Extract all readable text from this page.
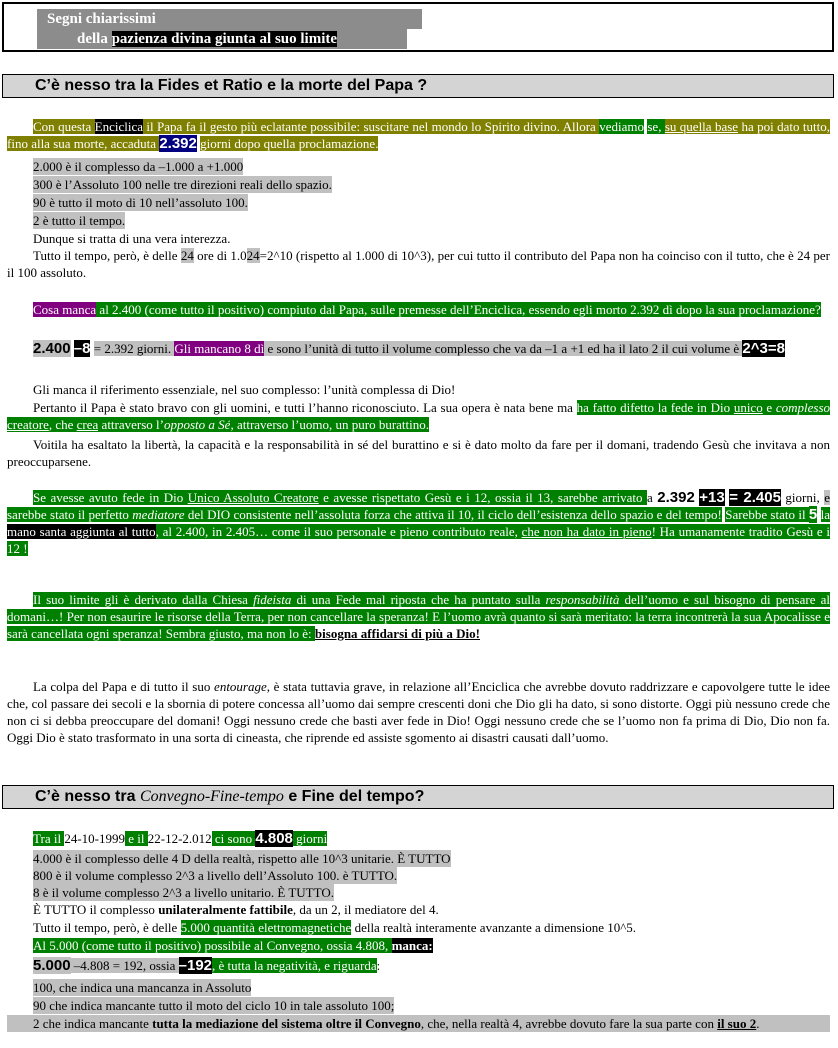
Segni chiarissimi
della pazienza divina giunta al suo limite
C’è nesso tra la Fides et Ratio e la morte del Papa ?
Con questa Enciclica il Papa fa il gesto più eclatante possibile: suscitare nel mondo lo Spirito divino. Allora vediamo se, su quella base ha poi dato tutto, fino alla sua morte, accaduta 2.392 giorni dopo quella proclamazione.
2.000 è il complesso da –1.000 a +1.000
300 è l’Assoluto 100 nelle tre direzioni reali dello spazio.
90 è tutto il moto di 10 nell’assoluto 100.
2 è tutto il tempo.
Dunque si tratta di una vera interezza.
Tutto il tempo, però, è delle 24 ore di 1.024=2^10 (rispetto al 1.000 di 10^3), per cui tutto il contributo del Papa non ha coinciso con il tutto, che è 24 per il 100 assoluto.
Cosa manca al 2.400 (come tutto il positivo) compiuto dal Papa, sulle premesse dell’Enciclica, essendo egli morto 2.392 dì dopo la sua proclamazione?
2.400 –8 = 2.392 giorni. Gli mancano 8 dì e sono l’unità di tutto il volume complesso che va da –1 a +1 ed ha il lato 2 il cui volume è 2^3=8
Gli manca il riferimento essenziale, nel suo complesso: l’unità complessa di Dio!
Pertanto il Papa è stato bravo con gli uomini, e tutti l’hanno riconosciuto. La sua opera è nata bene ma ha fatto difetto la fede in Dio unico e complesso creatore, che crea attraverso l’opposto a Sé, attraverso l’uomo, un puro burattino.
Voitila ha esaltato la libertà, la capacità e la responsabilità in sé del burattino e si è dato molto da fare per il domani, tradendo Gesù che invitava a non preoccuparsene.
Se avesse avuto fede in Dio Unico Assoluto Creatore e avesse rispettato Gesù e i 12, ossia il 13, sarebbe arrivato a 2.392 +13 = 2.405 giorni, e sarebbe stato il perfetto mediatore del DIO consistente nell’assoluta forza che attiva il 10, il ciclo dell’esistenza dello spazio e del tempo! Sarebbe stato il 5 la mano santa aggiunta al tutto, al 2.400, in 2.405… come il suo personale e pieno contributo reale, che non ha dato in pieno! Ha umanamente tradito Gesù e i 12 !
Il suo limite gli è derivato dalla Chiesa fideista di una Fede mal riposta che ha puntato sulla responsabilità dell’uomo e sul bisogno di pensare al domani…! Per non esaurire le risorse della Terra, per non cancellare la speranza! E l’uomo avrà quanto si sarà meritato: la terra incontrerà la sua Apocalisse e sarà cancellata ogni speranza! Sembra giusto, ma non lo è: bisogna affidarsi di più a Dio!
La colpa del Papa e di tutto il suo entourage, è stata tuttavia grave, in relazione all’Enciclica che avrebbe dovuto raddrizzare e capovolgere tutte le idee che, col passare dei secoli e la sbornia di potere concessa all’uomo dai sempre crescenti doni che Dio gli ha dato, si sono distorte. Oggi più nessuno crede che non ci si debba preoccupare del domani! Oggi nessuno crede che basti aver fede in Dio! Oggi nessuno crede che se l’uomo non fa prima di Dio, Dio non fa. Oggi Dio è stato trasformato in una sorta di cineasta, che riprende ed assiste sgomento ai disastri causati dall’uomo.
C’è nesso tra Convegno-Fine-tempo e Fine del tempo?
Tra il 24-10-1999 e il 22-12-2.012 ci sono 4.808 giorni
4.000 è il complesso delle 4 D della realtà, rispetto alle 10^3 unitarie. È TUTTO
800 è il volume complesso 2^3 a livello dell’Assoluto 100. è TUTTO.
8 è il volume complesso 2^3 a livello unitario. È TUTTO.
È TUTTO il complesso unilateralmente fattibile, da un 2, il mediatore del 4.
Tutto il tempo, però, è delle 5.000 quantità elettromagnetiche della realtà interamente avanzante a dimensione 10^5.
Al 5.000 (come tutto il positivo) possibile al Convegno, ossia 4.808, manca:
5.000 –4.808 = 192, ossia –192, è tutta la negatività, e riguarda:
100, che indica una mancanza in Assoluto
90 che indica mancante tutto il moto del ciclo 10 in tale assoluto 100;
2 che indica mancante tutta la mediazione del sistema oltre il Convegno, che, nella realtà 4, avrebbe dovuto fare la sua parte con il suo 2.
